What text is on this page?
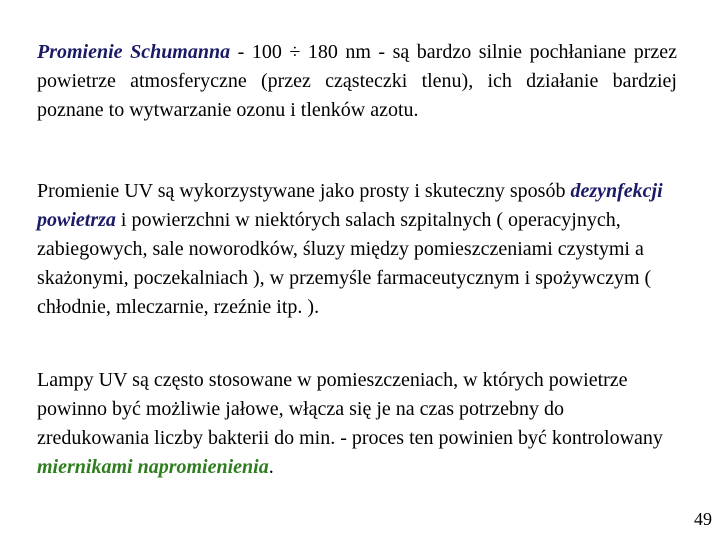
Promienie Schumanna - 100 ÷ 180 nm - są bardzo silnie pochłaniane przez powietrze atmosferyczne (przez cząsteczki tlenu), ich działanie bardziej poznane to wytwarzanie ozonu i tlenków azotu.

Promienie UV są wykorzystywane jako prosty i skuteczny sposób dezynfekcji powietrza i powierzchni w niektórych salach szpitalnych ( operacyjnych, zabiegowych, sale noworodków, śluzy między pomieszczeniami czystymi a skażonymi, poczekalniach ), w przemyśle farmaceutycznym i spożywczym ( chłodnie, mleczarnie, rzeźnie itp. ).

Lampy UV są często stosowane w pomieszczeniach, w których powietrze powinno być możliwie jałowe, włącza się je na czas potrzebny do zredukowania liczby bakterii do min. - proces ten powinien być kontrolowany miernikami napromienienia.

49
